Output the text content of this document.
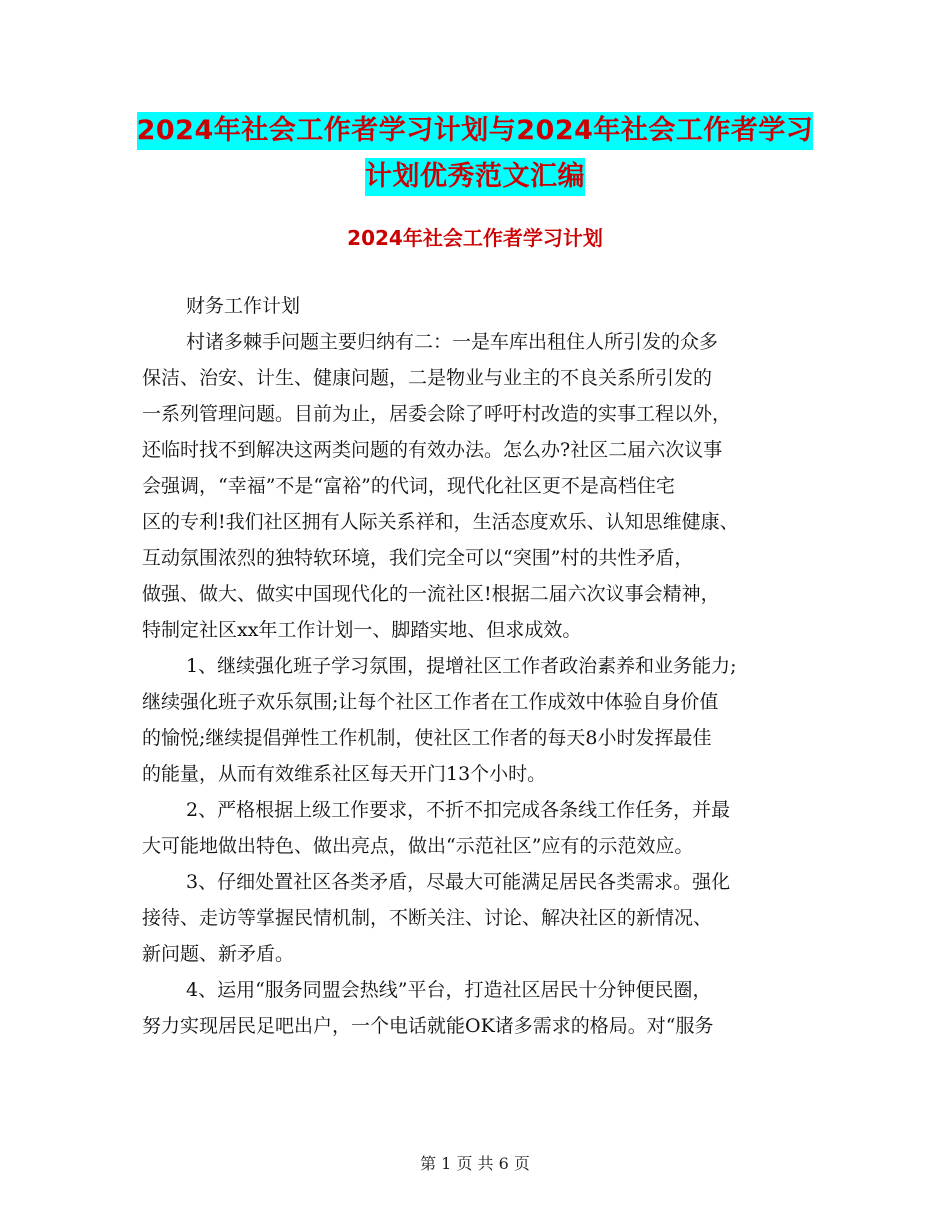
2024年社会工作者学习计划与2024年社会工作者学习
计划优秀范文汇编
2024年社会工作者学习计划
财务工作计划
村诸多棘手问题主要归纳有二：一是车库出租住人所引发的众多
保洁、治安、计生、健康问题，二是物业与业主的不良关系所引发的
一系列管理问题。目前为止，居委会除了呼吁村改造的实事工程以外，
还临时找不到解决这两类问题的有效办法。怎么办?社区二届六次议事
会强调，“幸福”不是“富裕”的代词，现代化社区更不是高档住宅
区的专利!我们社区拥有人际关系祥和，生活态度欢乐、认知思维健康、
互动氛围浓烈的独特软环境，我们完全可以“突围”村的共性矛盾，
做强、做大、做实中国现代化的一流社区!根据二届六次议事会精神，
特制定社区xx年工作计划一、脚踏实地、但求成效。
1、继续强化班子学习氛围，提增社区工作者政治素养和业务能力;
继续强化班子欢乐氛围;让每个社区工作者在工作成效中体验自身价值
的愉悦;继续提倡弹性工作机制，使社区工作者的每天8小时发挥最佳
的能量，从而有效维系社区每天开门13个小时。
2、严格根据上级工作要求，不折不扣完成各条线工作任务，并最
大可能地做出特色、做出亮点，做出“示范社区”应有的示范效应。
3、仔细处置社区各类矛盾，尽最大可能满足居民各类需求。强化
接待、走访等掌握民情机制，不断关注、讨论、解决社区的新情况、
新问题、新矛盾。
4、运用“服务同盟会热线”平台，打造社区居民十分钟便民圈，
努力实现居民足吧出户，一个电话就能OK诸多需求的格局。对“服务
第 1 页 共 6 页
